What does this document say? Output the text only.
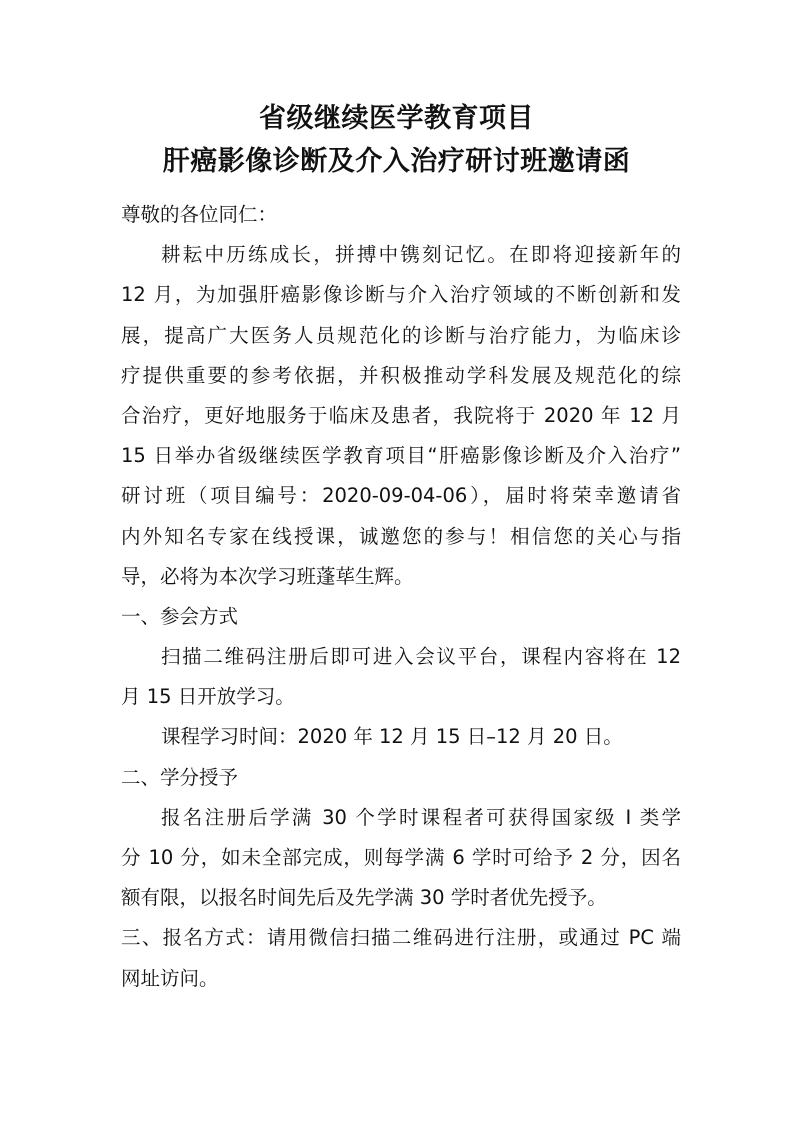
省级继续医学教育项目
肝癌影像诊断及介入治疗研讨班邀请函
尊敬的各位同仁：
耕耘中历练成长，拼搏中镌刻记忆。在即将迎接新年的
12 月，为加强肝癌影像诊断与介入治疗领域的不断创新和发
展，提高广大医务人员规范化的诊断与治疗能力，为临床诊
疗提供重要的参考依据，并积极推动学科发展及规范化的综
合治疗，更好地服务于临床及患者，我院将于 2020 年 12 月
15 日举办省级继续医学教育项目“肝癌影像诊断及介入治疗”
研讨班（项目编号：2020-09-04-06），届时将荣幸邀请省
内外知名专家在线授课，诚邀您的参与！相信您的关心与指
导，必将为本次学习班蓬荜生辉。
一、参会方式
扫描二维码注册后即可进入会议平台，课程内容将在 12
月 15 日开放学习。
课程学习时间：2020 年 12 月 15 日–12 月 20 日。
二、学分授予
报名注册后学满 30 个学时课程者可获得国家级 I 类学
分 10 分，如未全部完成，则每学满 6 学时可给予 2 分，因名
额有限，以报名时间先后及先学满 30 学时者优先授予。
三、报名方式：请用微信扫描二维码进行注册，或通过 PC 端
网址访问。
